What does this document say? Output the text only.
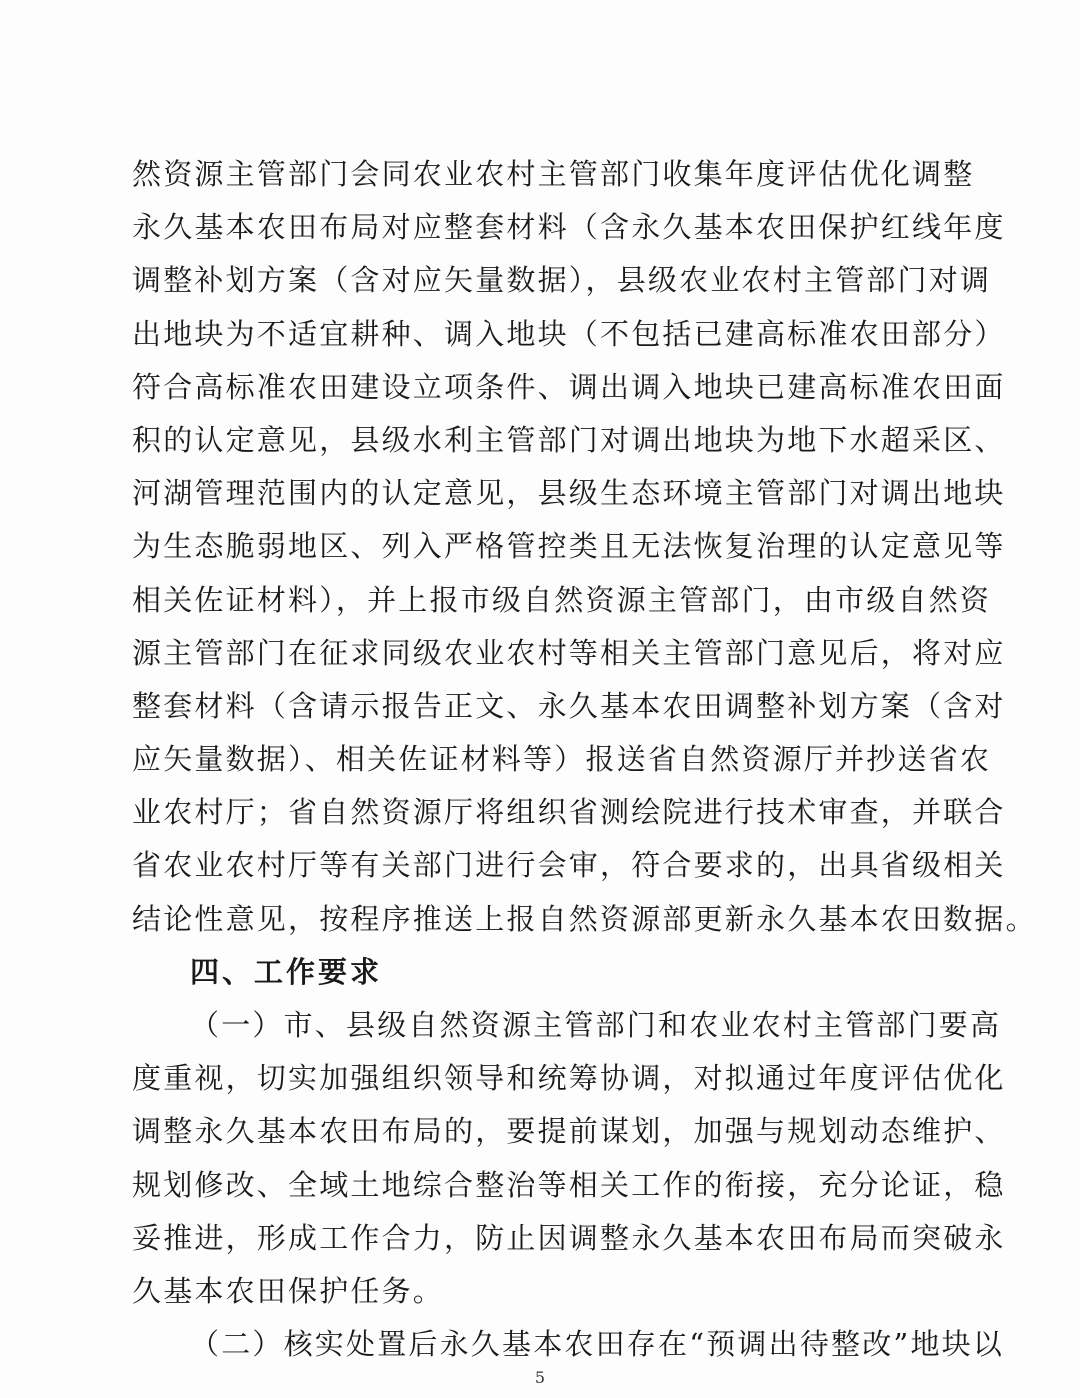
然资源主管部门会同农业农村主管部门收集年度评估优化调整
永久基本农田布局对应整套材料（含永久基本农田保护红线年度
调整补划方案（含对应矢量数据），县级农业农村主管部门对调
出地块为不适宜耕种、调入地块（不包括已建高标准农田部分）
符合高标准农田建设立项条件、调出调入地块已建高标准农田面
积的认定意见，县级水利主管部门对调出地块为地下水超采区、
河湖管理范围内的认定意见，县级生态环境主管部门对调出地块
为生态脆弱地区、列入严格管控类且无法恢复治理的认定意见等
相关佐证材料），并上报市级自然资源主管部门，由市级自然资
源主管部门在征求同级农业农村等相关主管部门意见后，将对应
整套材料（含请示报告正文、永久基本农田调整补划方案（含对
应矢量数据）、相关佐证材料等）报送省自然资源厅并抄送省农
业农村厅；省自然资源厅将组织省测绘院进行技术审查，并联合
省农业农村厅等有关部门进行会审，符合要求的，出具省级相关
结论性意见，按程序推送上报自然资源部更新永久基本农田数据。
四、工作要求
（一）市、县级自然资源主管部门和农业农村主管部门要高
度重视，切实加强组织领导和统筹协调，对拟通过年度评估优化
调整永久基本农田布局的，要提前谋划，加强与规划动态维护、
规划修改、全域土地综合整治等相关工作的衔接，充分论证，稳
妥推进，形成工作合力，防止因调整永久基本农田布局而突破永
久基本农田保护任务。
（二）核实处置后永久基本农田存在“预调出待整改”地块以
5
